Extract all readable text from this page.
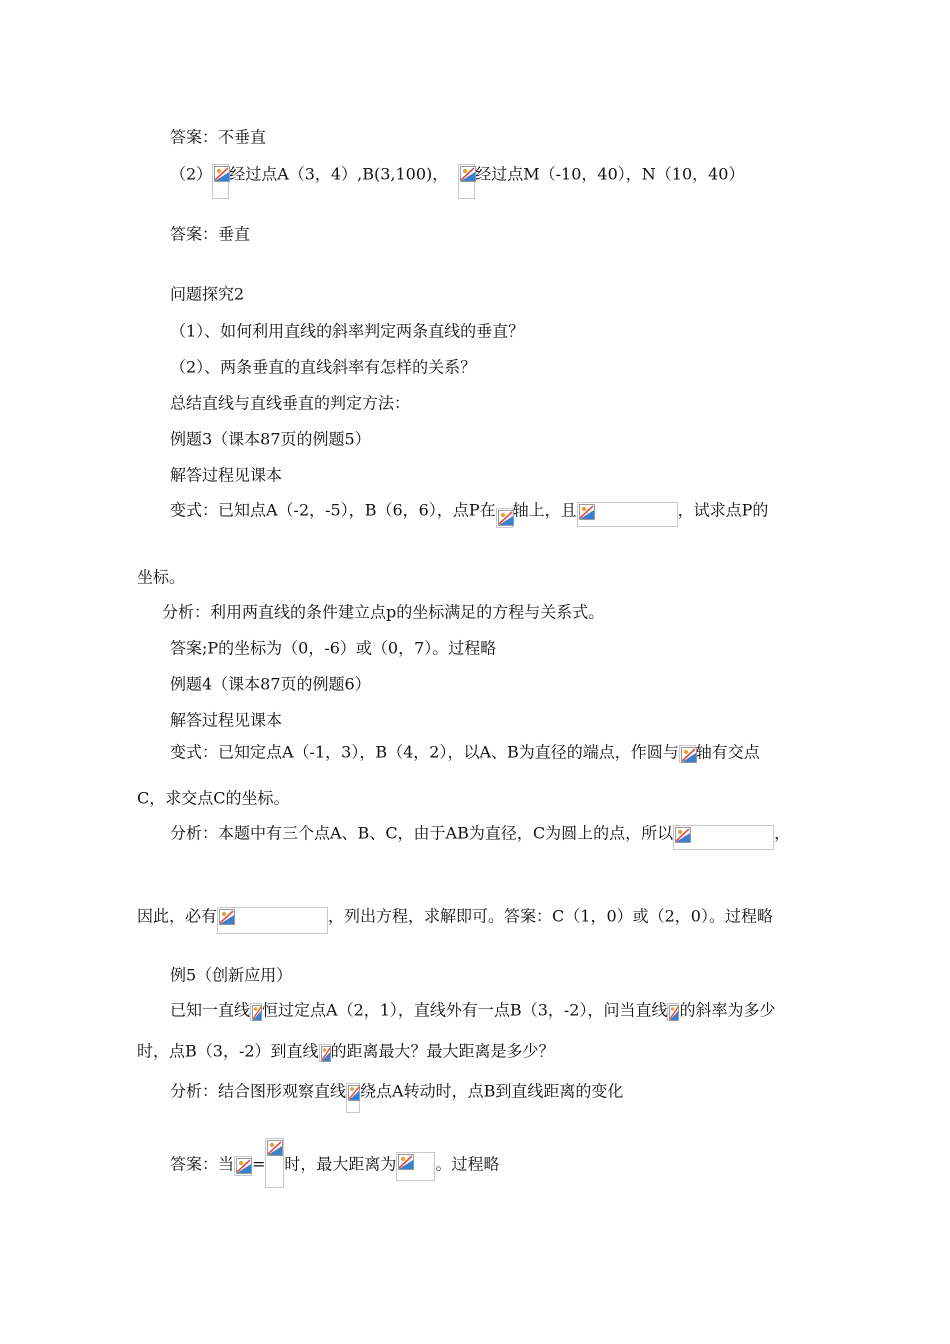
答案：不垂直
（2） 经过点A（3，4）,B(3,100)， 经过点M（-10，40），N（10，40）
答案：垂直
问题探究2
（1）、如何利用直线的斜率判定两条直线的垂直？
（2）、两条垂直的直线斜率有怎样的关系？
总结直线与直线垂直的判定方法：
例题3（课本87页的例题5）
解答过程见课本
变式：已知点A（-2，-5），B（6，6），点P在 轴上，且	，试求点P的
坐标。
分析：利用两直线的条件建立点p的坐标满足的方程与关系式。
答案;P的坐标为（0，-6）或（0，7）。过程略
例题4（课本87页的例题6）
解答过程见课本
变式：已知定点A（-1，3），B（4，2），以A、B为直径的端点，作圆与 轴有交点
C，求交点C的坐标。
分析：本题中有三个点A、B、C，由于AB为直径，C为圆上的点，所以	，
因此，必有	，列出方程，求解即可。答案：C（1，0）或（2，0）。过程略
例5（创新应用）
已知一直线 恒过定点A（2，1），直线外有一点B（3，-2），问当直线 的斜率为多少
时，点B（3，-2）到直线 的距离最大？最大距离是多少？
分析：结合图形观察直线 绕点A转动时，点B到直线距离的变化
答案：当 = 时，最大距离为 。过程略
